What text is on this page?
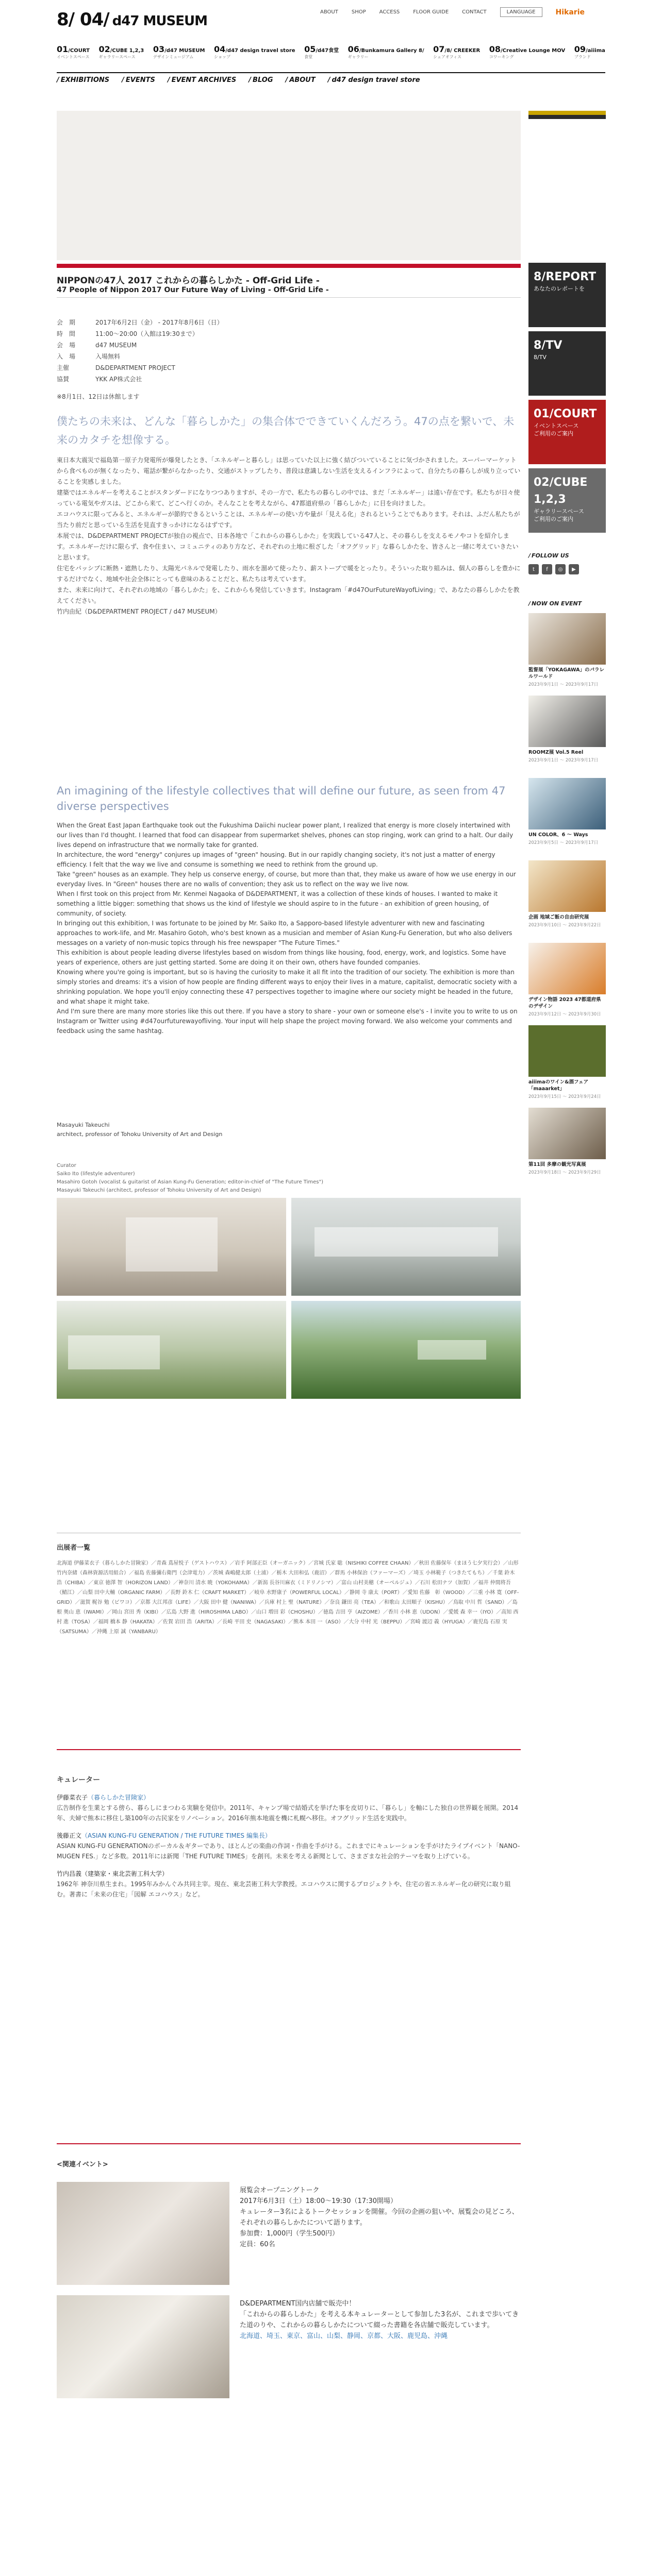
8/ 04/ d47 MUSEUM
ABOUT	SHOP	ACCESS	FLOOR GUIDE	CONTACT	LANGUAGE	Hikarie
01/COURT
イベントスペース
02/CUBE 1,2,3
ギャラリースペース
03/d47 MUSEUM
デザインミュージアム
04/d47 design travel store
ショップ
05/d47食堂
食堂
06/Bunkamura Gallery 8/
ギャラリー
07/8/ CREEKER
シェアオフィス
08/Creative Lounge MOV
コワーキング
09/aiiima
ブランド
/ EXHIBITIONS	/ EVENTS	/ EVENT ARCHIVES	/ BLOG	/ ABOUT	/ d47 design travel store
NIPPONの47人 2017 これからの暮らしかた - Off-Grid Life -
47 People of Nippon 2017 Our Future Way of Living - Off-Grid Life -
会　期	2017年6月2日（金） - 2017年8月6日（日）
時　間	11:00～20:00（入館は19:30まで）
会　場	d47 MUSEUM
入　場	入場無料
主催	D&DEPARTMENT PROJECT
協賛	YKK AP株式会社
※8月1日、12日は休館します

僕たちの未来は、どんな「暮らしかた」の集合体でできていくんだろう。47の点を繋いで、未来のカタチを想像する。

東日本大震災で福島第一原子力発電所が爆発したとき、「エネルギーと暮らし」は思っていた以上に強く結びついていることに気づかされました。スーパーマーケットから食べものが無くなったり、電話が繋がらなかったり、交通がストップしたり、普段は意識しない生活を支えるインフラによって、自分たちの暮らしが成り立っていることを実感しました。

建築ではエネルギーを考えることがスタンダードになりつつありますが、その一方で、私たちの暮らしの中では、まだ「エネルギー」は遠い存在です。私たちが日々使っている電気やガスは、どこから来て、どこへ行くのか。そんなことを考えながら、47都道府県の「暮らしかた」に目を向けました。

エコハウスに限ってみると、エネルギーが節約できるということは、エネルギーの使い方や量が「見える化」されるということでもあります。それは、ふだん私たちが当たり前だと思っている生活を見直すきっかけになるはずです。

本展では、D&DEPARTMENT PROJECTが独自の視点で、日本各地で「これからの暮らしかた」を実践している47人と、その暮らしを支えるモノやコトを紹介します。エネルギーだけに限らず、食や住まい、コミュニティのあり方など、それぞれの土地に根ざした「オフグリッド」な暮らしかたを、皆さんと一緒に考えていきたいと思います。

住宅をパッシブに断熱・遮熱したり、太陽光パネルで発電したり、雨水を溜めて使ったり、薪ストーブで暖をとったり。そういった取り組みは、個人の暮らしを豊かにするだけでなく、地域や社会全体にとっても意味のあることだと、私たちは考えています。

また、未来に向けて、それぞれの地域の「暮らしかた」を、これからも発信していきます。Instagram「#d47OurFutureWayofLiving」で、あなたの暮らしかたを教えてください。

竹内由紀（D&DEPARTMENT PROJECT / d47 MUSEUM）

An imagining of the lifestyle collectives that will define our future, as seen from 47 diverse perspectives

When the Great East Japan Earthquake took out the Fukushima Daiichi nuclear power plant, I realized that energy is more closely intertwined with our lives than I'd thought. I learned that food can disappear from supermarket shelves, phones can stop ringing, work can grind to a halt. Our daily lives depend on infrastructure that we normally take for granted.

In architecture, the word "energy" conjures up images of "green" housing. But in our rapidly changing society, it's not just a matter of energy efficiency. I felt that the way we live and consume is something we need to rethink from the ground up.

Take "green" houses as an example. They help us conserve energy, of course, but more than that, they make us aware of how we use energy in our everyday lives. In "Green" houses there are no walls of convention; they ask us to reflect on the way we live now.

When I first took on this project from Mr. Kenmei Nagaoka of D&DEPARTMENT, it was a collection of these kinds of houses. I wanted to make it something a little bigger: something that shows us the kind of lifestyle we should aspire to in the future - an exhibition of green housing, of community, of society.

In bringing out this exhibition, I was fortunate to be joined by Mr. Saiko Ito, a Sapporo-based lifestyle adventurer with new and fascinating approaches to work-life, and Mr. Masahiro Gotoh, who's best known as a musician and member of Asian Kung-Fu Generation, but who also delivers messages on a variety of non-music topics through his free newspaper "The Future Times."

This exhibition is about people leading diverse lifestyles based on wisdom from things like housing, food, energy, work, and logistics. Some have years of experience, others are just getting started. Some are doing it on their own, others have founded companies.

Knowing where you're going is important, but so is having the curiosity to make it all fit into the tradition of our society. The exhibition is more than simply stories and dreams: it's a vision of how people are finding different ways to enjoy their lives in a mature, capitalist, democratic society with a shrinking population. We hope you'll enjoy connecting these 47 perspectives together to imagine where our society might be headed in the future, and what shape it might take.

And I'm sure there are many more stories like this out there. If you have a story to share - your own or someone else's - I invite you to write to us on Instagram or Twitter using #d47ourfuturewayofliving. Your input will help shape the project moving forward. We also welcome your comments and feedback using the same hashtag.

Masayuki Takeuchi
architect, professor of Tohoku University of Art and Design
Curator
Saiko Ito (lifestyle adventurer)
Masahiro Gotoh (vocalist & guitarist of Asian Kung-Fu Generation; editor-in-chief of "The Future Times")
Masayuki Takeuchi (architect, professor of Tohoku University of Art and Design)
出展者一覧

北海道 伊藤菜衣子（暮らしかた冒険家）／青森 蔦屋悦子（ゲストハウス）／岩手 阿部正臣（オーガニック）／宮城 氏家 聡（NISHIKI COFFEE CHAAN）／秋田 佐藤保年（まほう七夕実行会）／山形 竹内奈緒（森林資源活用組合）／福島 佐藤彌右衛門（会津電力）／茨城 森嶋健太郎（土浦）／栃木 大田和弘（鹿沼）／群馬 小林保治（ファーマーズ）／埼玉 小林範子（つきたてもち）／千葉 鈴木 浩（CHIBA）／東京 徳澤 智（HORIZON LAND）／神奈川 清水 暁（YOKOHAMA）／新潟 長谷川麻衣（ミドリノシマ）／富山 山村美穂（オーベルジュ）／石川 松田ナツ（加賀）／福井 仲間将吾（鯖江）／山梨 田中大輔（ORGANIC FARM）／長野 鈴木 仁（CRAFT MARKET）／岐阜 水野康子（POWERFUL LOCAL）／静岡 寺 康太（PORT）／愛知 佐藤　彰（WOOD）／三重 小林 寛（OFF-GRID）／滋賀 梶谷 勉（ビワコ）／京都 大江邦彦（LIFE）／大阪 田中 健（NANIWA）／兵庫 村上 聖（NATURE）／奈良 鎌田 亮（TEA）／和歌山 太田順子（KISHU）／鳥取 中川 哲（SAND）／島根 奥山 恵（IWAMI）／岡山 宮田 秀（KIBI）／広島 大野 進（HIROSHIMA LABO）／山口 増田 彩（CHOSHU）／徳島 吉田 亨（AIZOME）／香川 小林 恵（UDON）／愛媛 森 幸一（IYO）／高知 西村 進（TOSA）／福岡 橋本 静（HAKATA）／佐賀 岩田 浩（ARITA）／長崎 平田 史（NAGASAKI）／熊本 本田 一（ASO）／大分 中村 光（BEPPU）／宮崎 渡辺 義（HYUGA）／鹿児島 石原 実（SATSUMA）／沖縄 上原 誠（YANBARU）

キュレーター
伊藤菜衣子（暮らしかた冒険家）

広告制作を生業とする傍ら、暮らしにまつわる実験を発信中。2011年、キャンプ場で結婚式を挙げた事を皮切りに、「暮らし」を軸にした独自の世界観を展開。2014年、夫婦で熊本に移住し築100年の古民家をリノベーション。2016年熊本地震を機に札幌へ移住。オフグリッド生活を実践中。

後藤正文（ASIAN KUNG-FU GENERATION / THE FUTURE TIMES 編集長）

ASIAN KUNG-FU GENERATIONのボーカル＆ギターであり、ほとんどの楽曲の作詞・作曲を手がける。これまでにキュレーションを手がけたライブイベント「NANO-MUGEN FES.」など多数。2011年には新聞「THE FUTURE TIMES」を創刊。未来を考える新聞として、さまざまな社会的テーマを取り上げている。

竹内昌義（建築家・東北芸術工科大学）

1962年 神奈川県生まれ。1995年みかんぐみ共同主宰。現在、東北芸術工科大学教授。エコハウスに関するプロジェクトや、住宅の省エネルギー化の研究に取り組む。著書に「未来の住宅」「図解 エコハウス」など。

<関連イベント>
展覧会オープニングトーク
2017年6月3日（土）18:00～19:30（17:30開場）
キュレーター3名によるトークセッションを開催。今回の企画の狙いや、展覧会の見どころ、それぞれの暮らしかたについて語ります。
参加費：1,000円（学生500円）
定員：60名
D&DEPARTMENT国内店舗で販売中！
「これからの暮らしかた」を考える本キュレーターとして参加した3名が、これまで歩いてきた道のりや、これからの暮らしかたについて綴った書籍を各店舗で販売しています。
北海道、埼玉、東京、富山、山梨、静岡、京都、大阪、鹿児島、沖縄
8/REPORT
あなたのレポートを
8/TV
8/TV
01/COURT
イベントスペース
ご利用のご案内
02/CUBE 1,2,3
ギャラリースペース
ご利用のご案内
/ FOLLOW US
t	f	◎	▶
/ NOW ON EVENT
監督展「YOKAGAWA」のパラレルワールド
2023年9月1日 ～ 2023年9月17日
ROOMZ展 Vol.5 Reel
2023年9月1日 ～ 2023年9月17日
UN COLOR、6 ～ Ways
2023年9月5日 ～ 2023年9月17日
企画 地域ご飯の自由研究展
2023年9月10日 ～ 2023年9月22日
デザイン物語 2023 47都道府県のデザイン
2023年9月12日 ～ 2023年9月30日
aiiimaのワイン&酒フェア「maaarket」
2023年9月15日 ～ 2023年9月24日
第11回 多摩の観光写真展
2023年9月18日 ～ 2023年9月29日
